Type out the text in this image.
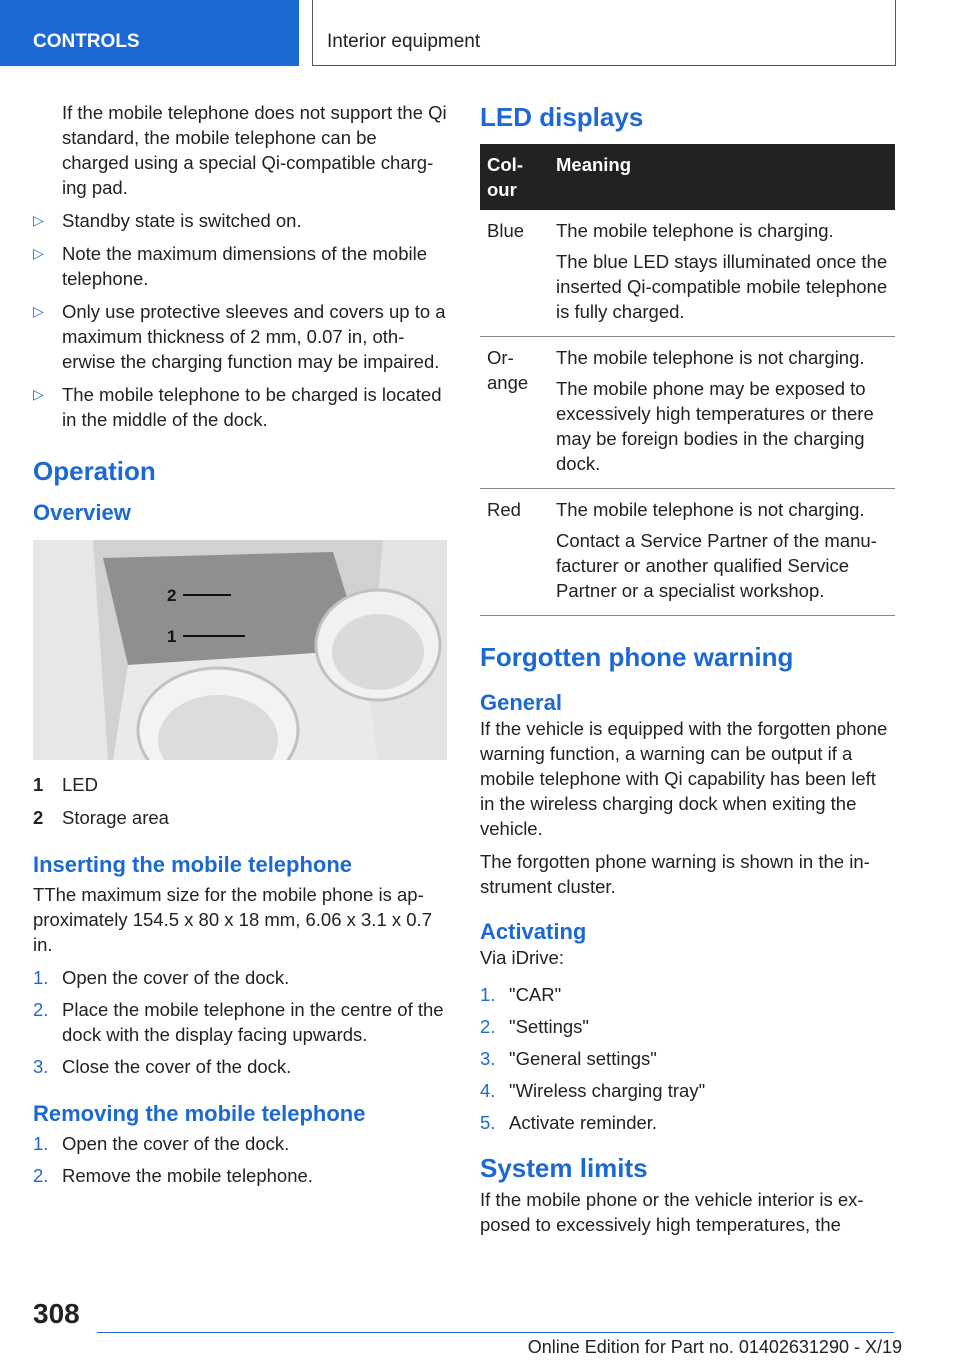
CONTROLS	Interior equipment

If the mobile telephone does not support the Qi standard, the mobile telephone can be charged using a special Qi-compatible charging pad.

▷ Standby state is switched on.
▷ Note the maximum dimensions of the mobile telephone.
▷ Only use protective sleeves and covers up to a maximum thickness of 2 mm, 0.07 in, otherwise the charging function may be impaired.
▷ The mobile telephone to be charged is located in the middle of the dock.
Operation
Overview
2
1
1 LED
2 Storage area
Inserting the mobile telephone

TThe maximum size for the mobile phone is approximately 154.5 x 80 x 18 mm, 6.06 x 3.1 x 0.7 in.

1. Open the cover of the dock.
2. Place the mobile telephone in the centre of the dock with the display facing upwards.
3. Close the cover of the dock.
Removing the mobile telephone
1. Open the cover of the dock.
2. Remove the mobile telephone.
LED displays
Colour	Meaning
Blue	The mobile telephone is charging.

The blue LED stays illuminated once the inserted Qi-compatible mobile telephone is fully charged.

Orange	The mobile telephone is not charging.

The mobile phone may be exposed to excessively high temperatures or there may be foreign bodies in the charging dock.

Red	The mobile telephone is not charging.

Contact a Service Partner of the manufacturer or another qualified Service Partner or a specialist workshop.

Forgotten phone warning
General

If the vehicle is equipped with the forgotten phone warning function, a warning can be output if a mobile telephone with Qi capability has been left in the wireless charging dock when exiting the vehicle.

The forgotten phone warning is shown in the instrument cluster.

Activating

Via iDrive:

1. "CAR"
2. "Settings"
3. "General settings"
4. "Wireless charging tray"
5. Activate reminder.
System limits

If the mobile phone or the vehicle interior is exposed to excessively high temperatures, the

308
Online Edition for Part no. 01402631290 - X/19
